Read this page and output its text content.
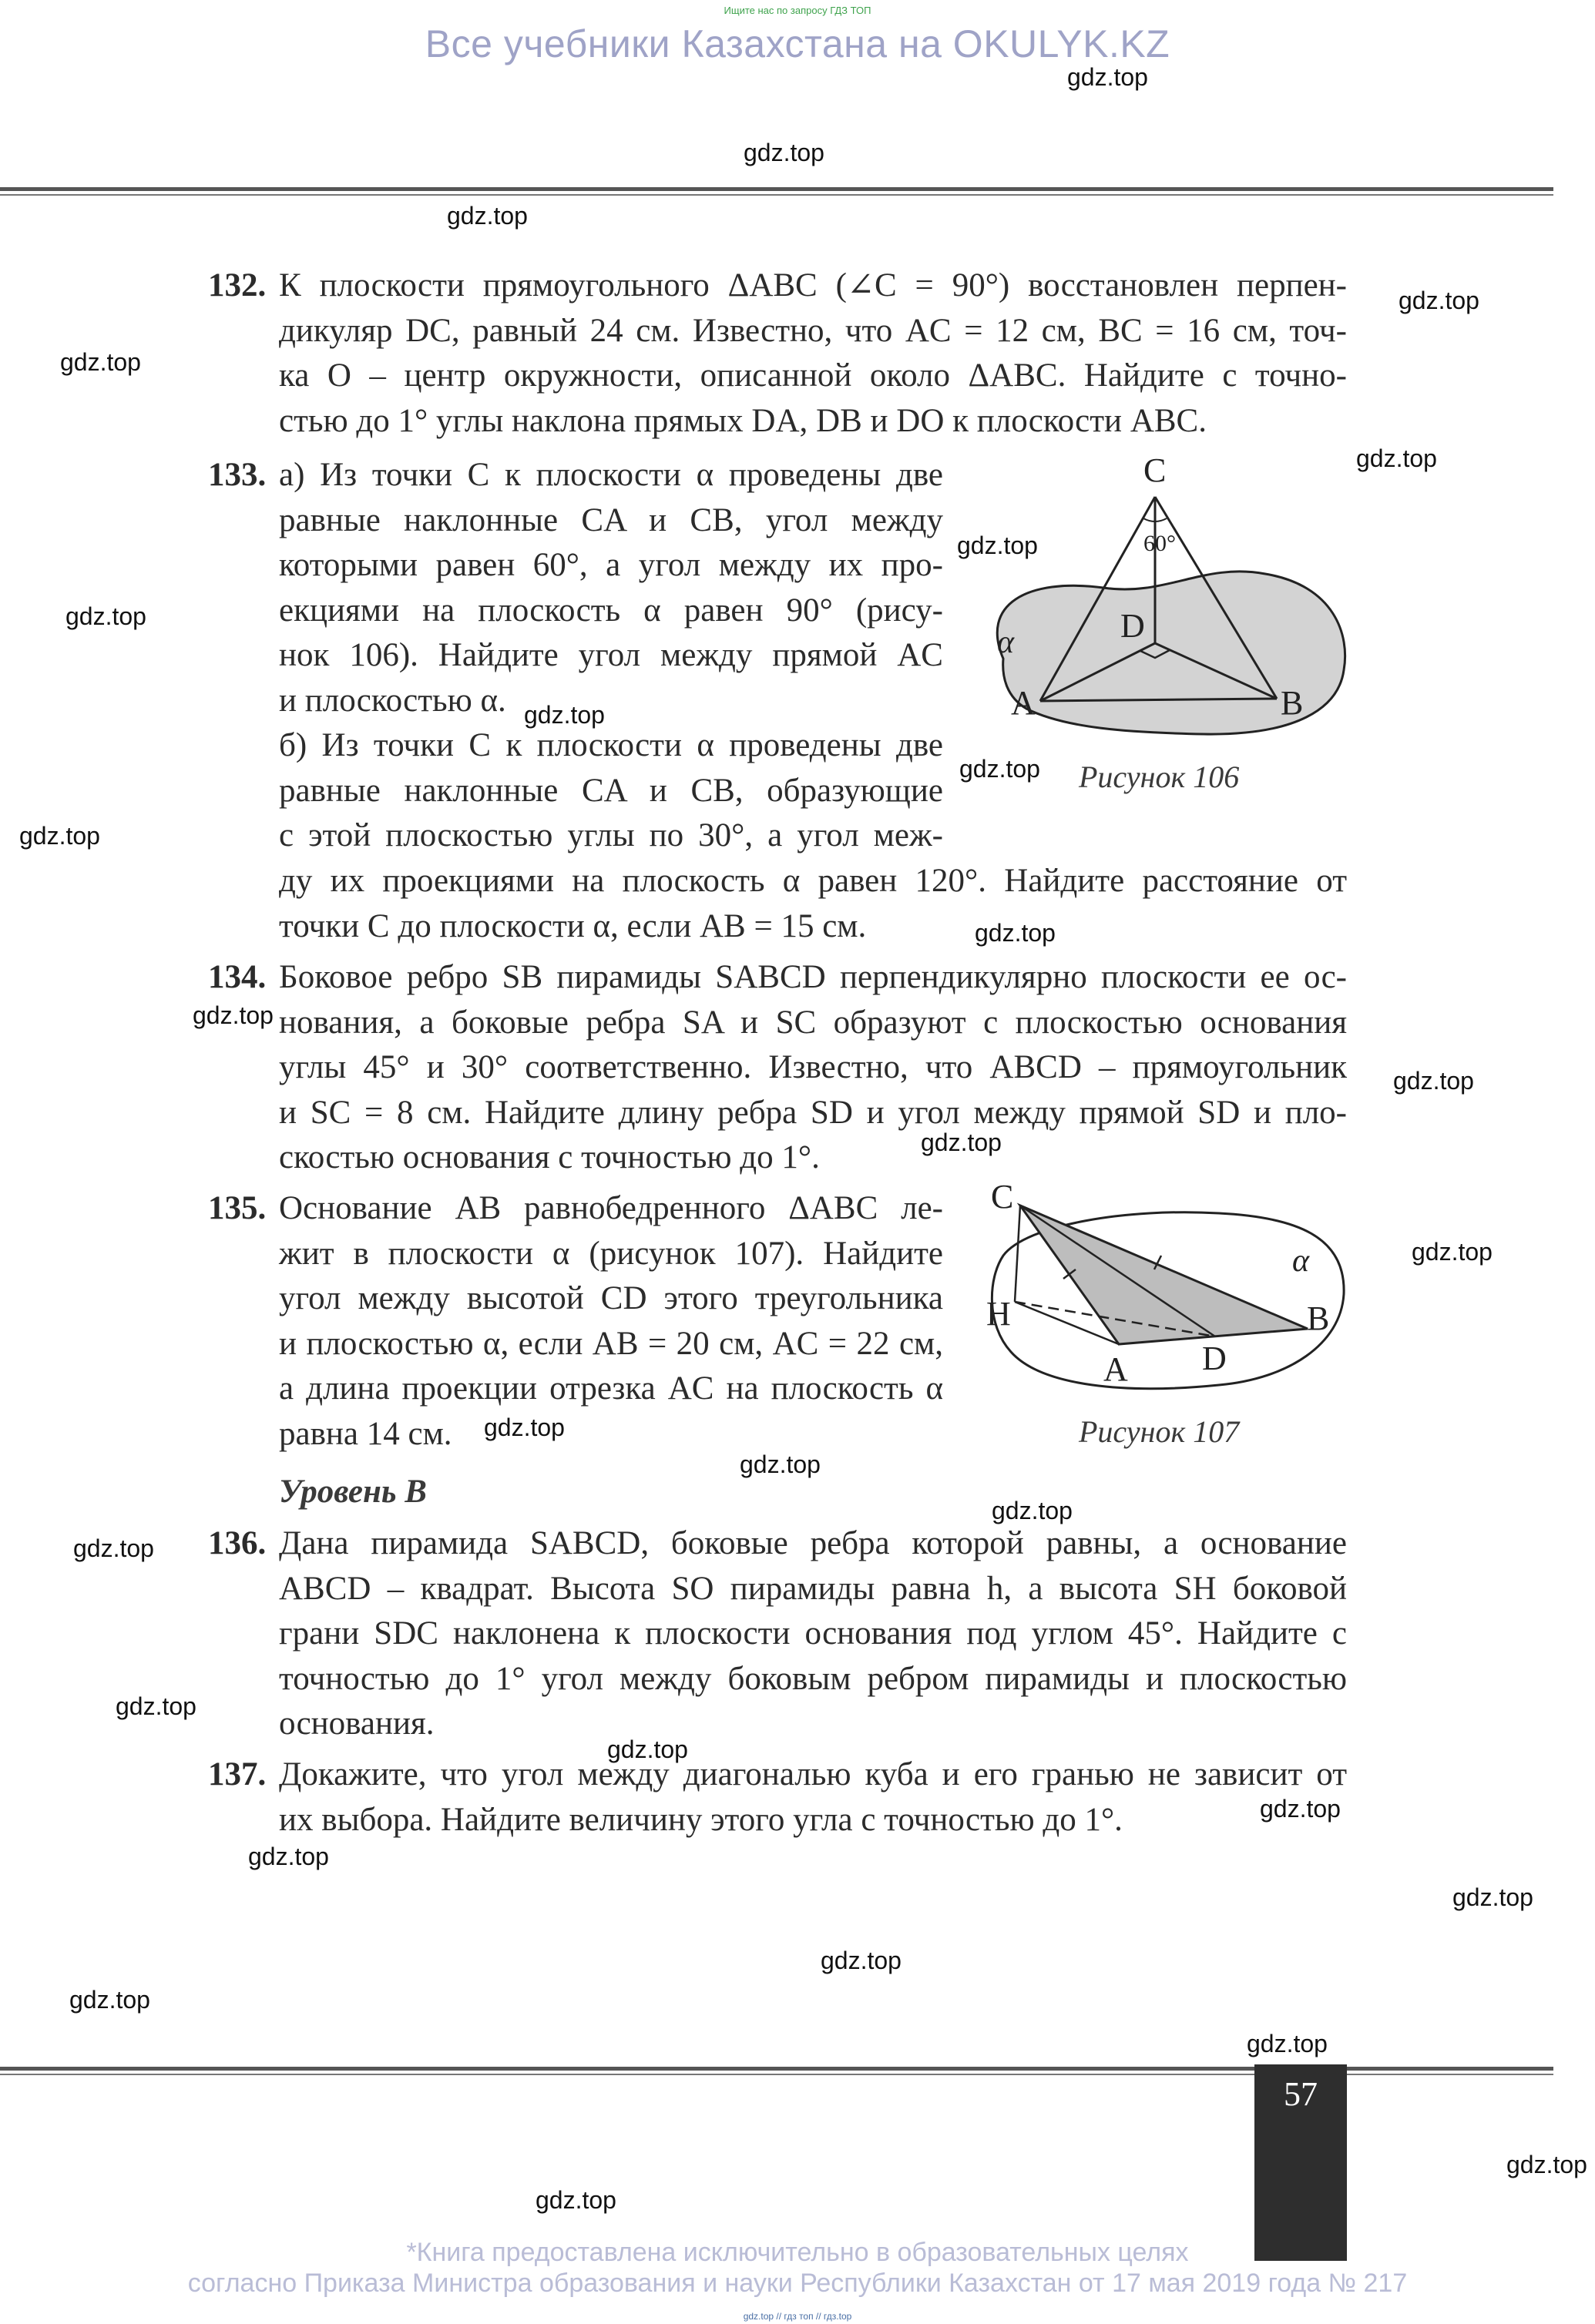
Ищите нас по запросу ГДЗ ТОП
Все учебники Казахстана на OKULYK.KZ
132. К плоскости прямоугольного ΔABC (∠C = 90°) восстановлен перпен-
дикуляр DC, равный 24 см. Известно, что AC = 12 см, BC = 16 см, точ-
ка O – центр окружности, описанной около ΔABC. Найдите с точно-
стью до 1° углы наклона прямых DA, DB и DO к плоскости ABC.
133. а) Из точки C к плоскости α проведены две
равные наклонные CA и CB, угол между
которыми равен 60°, а угол между их про-
екциями на плоскость α равен 90° (рису-
нок 106). Найдите угол между прямой AC
и плоскостью α.
б) Из точки C к плоскости α проведены две
равные наклонные CA и CB, образующие
с этой плоскостью углы по 30°, а угол меж-
ду их проекциями на плоскость α равен 120°. Найдите расстояние от
точки C до плоскости α, если AB = 15 см.
C
60°
D
α
A	B
Рисунок 106
134. Боковое ребро SB пирамиды SABCD перпендикулярно плоскости ее ос-
нования, а боковые ребра SA и SC образуют с плоскостью основания
углы 45° и 30° соответственно. Известно, что ABCD – прямоугольник
и SC = 8 см. Найдите длину ребра SD и угол между прямой SD и пло-
скостью основания с точностью до 1°.
135. Основание AB равнобедренного ΔABC ле-
жит в плоскости α (рисунок 107). Найдите
угол между высотой CD этого треугольника
и плоскостью α, если AB = 20 см, AC = 22 см,
а длина проекции отрезка AC на плоскость α
равна 14 см.
C
H
A D
B
α
Рисунок 107
Уровень B
136. Дана пирамида SABCD, боковые ребра которой равны, а основание
ABCD – квадрат. Высота SO пирамиды равна h, а высота SH боковой
грани SDC наклонена к плоскости основания под углом 45°. Найдите с
точностью до 1° угол между боковым ребром пирамиды и плоскостью
основания.
137. Докажите, что угол между диагональю куба и его гранью не зависит от
их выбора. Найдите величину этого угла с точностью до 1°.
57
*Книга предоставлена исключительно в образовательных целях
согласно Приказа Министра образования и науки Республики Казахстан от 17 мая 2019 года № 217
gdz.top // гдз топ // гдз.top
gdz.top
gdz.top
gdz.top
gdz.top
gdz.top
gdz.top
gdz.top
gdz.top
gdz.top
gdz.top
gdz.top
gdz.top
gdz.top
gdz.top
gdz.top
gdz.top
gdz.top
gdz.top
gdz.top
gdz.top
gdz.top
gdz.top
gdz.top
gdz.top
gdz.top
gdz.top
gdz.top
gdz.top
gdz.top
gdz.top
